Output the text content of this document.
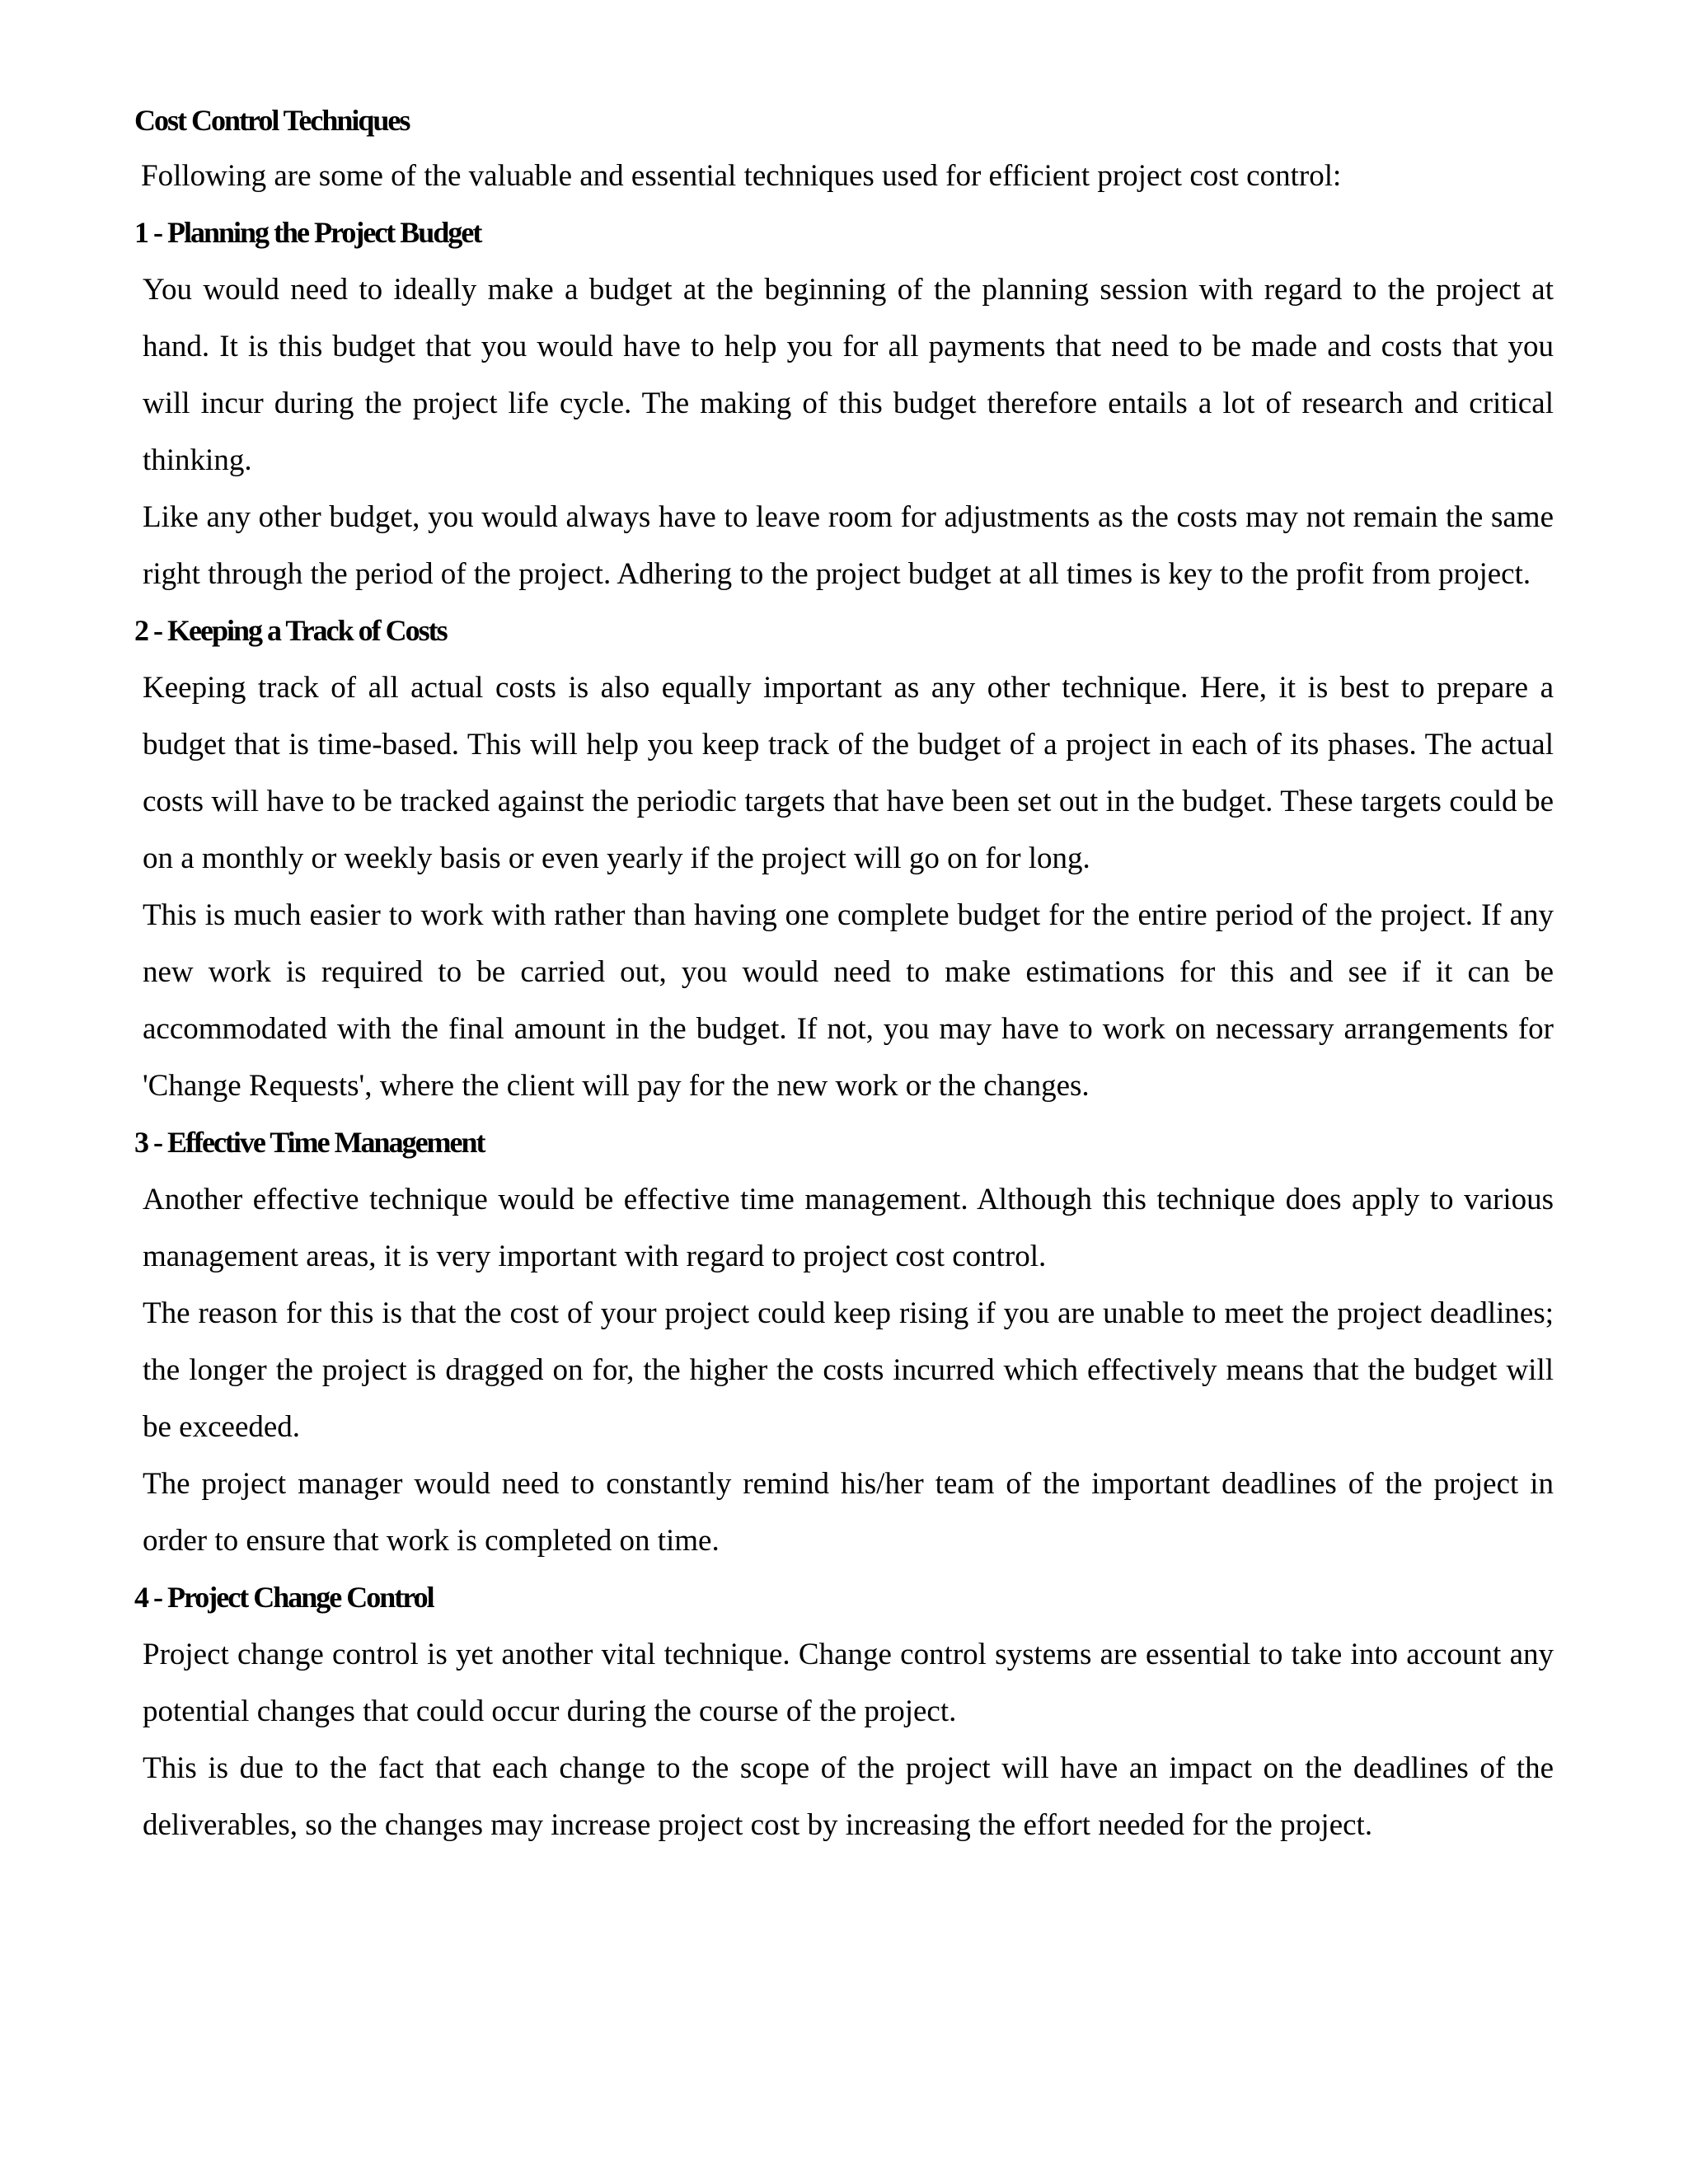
Cost Control Techniques
Following are some of the valuable and essential techniques used for efficient project cost control:
1 - Planning the Project Budget

You would need to ideally make a budget at the beginning of the planning session with regard to the project at hand. It is this budget that you would have to help you for all payments that need to be made and costs that you will incur during the project life cycle. The making of this budget therefore entails a lot of research and critical thinking.

Like any other budget, you would always have to leave room for adjustments as the costs may not remain the same right through the period of the project. Adhering to the project budget at all times is key to the profit from project.

2 - Keeping a Track of Costs

Keeping track of all actual costs is also equally important as any other technique. Here, it is best to prepare a budget that is time-based. This will help you keep track of the budget of a project in each of its phases. The actual costs will have to be tracked against the periodic targets that have been set out in the budget. These targets could be on a monthly or weekly basis or even yearly if the project will go on for long.

This is much easier to work with rather than having one complete budget for the entire period of the project. If any new work is required to be carried out, you would need to make estimations for this and see if it can be accommodated with the final amount in the budget. If not, you may have to work on necessary arrangements for 'Change Requests', where the client will pay for the new work or the changes.

3 - Effective Time Management

Another effective technique would be effective time management. Although this technique does apply to various management areas, it is very important with regard to project cost control.

The reason for this is that the cost of your project could keep rising if you are unable to meet the project deadlines; the longer the project is dragged on for, the higher the costs incurred which effectively means that the budget will be exceeded.

The project manager would need to constantly remind his/her team of the important deadlines of the project in order to ensure that work is completed on time.

4 - Project Change Control

Project change control is yet another vital technique. Change control systems are essential to take into account any potential changes that could occur during the course of the project.

This is due to the fact that each change to the scope of the project will have an impact on the deadlines of the deliverables, so the changes may increase project cost by increasing the effort needed for the project.
